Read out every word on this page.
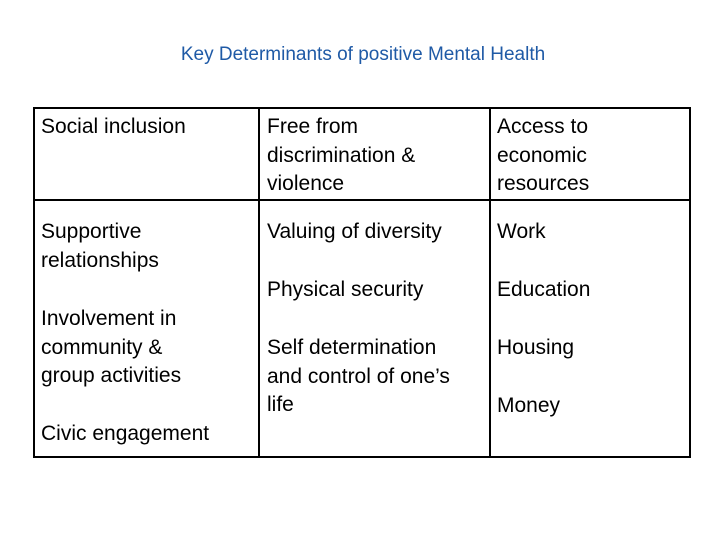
Key Determinants of positive Mental Health
Social inclusion	Free from
discrimination &
violence
Access to
economic
resources
Supportive
relationships
Involvement in
community &
group activities
Civic engagement
Valuing of diversity
Physical security
Self determination
and control of one’s
life
Work
Education
Housing
Money
